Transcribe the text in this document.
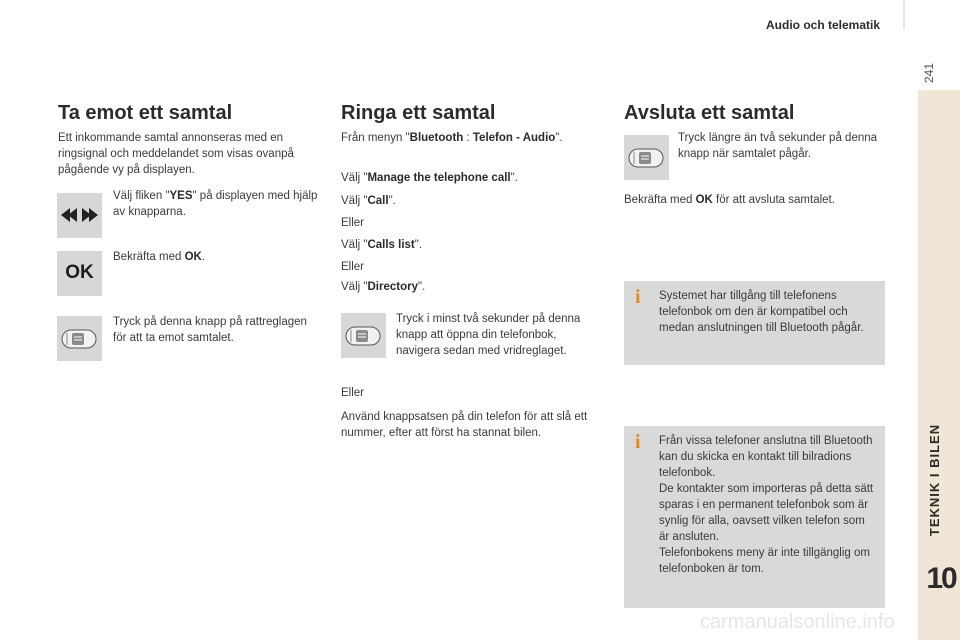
Audio och telematik
241
TEKNIK I BILEN
10
Ta emot ett samtal
Ett inkommande samtal annonseras med en ringsignal och meddelandet som visas ovanpå pågående vy på displayen.
Välj fliken "YES" på displayen med hjälp av knapparna.
OK
Bekräfta med OK.
Tryck på denna knapp på rattreglagen för att ta emot samtalet.
Ringa ett samtal
Från menyn "Bluetooth : Telefon - Audio".
Välj "Manage the telephone call".
Välj "Call".
Eller
Välj "Calls list".
Eller
Välj "Directory".
Tryck i minst två sekunder på denna knapp att öppna din telefonbok, navigera sedan med vridreglaget.
Eller
Använd knappsatsen på din telefon för att slå ett nummer, efter att först ha stannat bilen.
Avsluta ett samtal
Tryck längre än två sekunder på denna knapp när samtalet pågår.
Bekräfta med OK för att avsluta samtalet.
i Systemet har tillgång till telefonens telefonbok om den är kompatibel och medan anslutningen till Bluetooth pågår.
i Från vissa telefoner anslutna till Bluetooth kan du skicka en kontakt till bilradions telefonbok.
De kontakter som importeras på detta sätt sparas i en permanent telefonbok som är synlig för alla, oavsett vilken telefon som är ansluten.
Telefonbokens meny är inte tillgänglig om telefonboken är tom.
carmanualsonline.info
